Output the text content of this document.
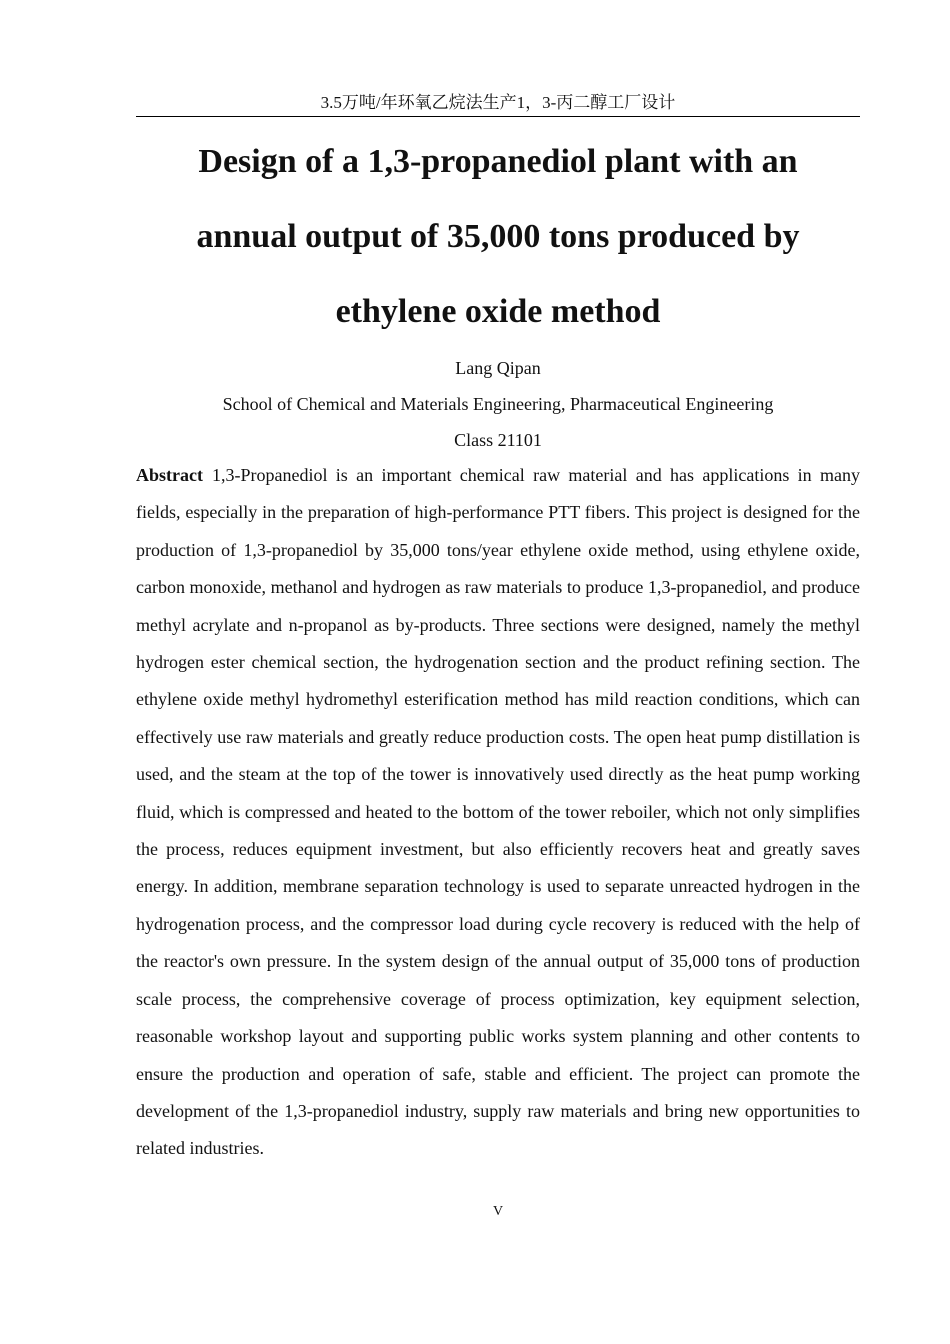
3.5万吨/年环氧乙烷法生产1，3-丙二醇工厂设计
Design of a 1,3-propanediol plant with an
annual output of 35,000 tons produced by
ethylene oxide method
Lang Qipan
School of Chemical and Materials Engineering, Pharmaceutical Engineering
Class 21101

Abstract 1,3-Propanediol is an important chemical raw material and has applications in many fields, especially in the preparation of high-performance PTT fibers. This project is designed for the production of 1,3-propanediol by 35,000 tons/year ethylene oxide method, using ethylene oxide, carbon monoxide, methanol and hydrogen as raw materials to produce 1,3-propanediol, and produce methyl acrylate and n-propanol as by-products. Three sections were designed, namely the methyl hydrogen ester chemical section, the hydrogenation section and the product refining section. The ethylene oxide methyl hydromethyl esterification method has mild reaction conditions, which can effectively use raw materials and greatly reduce production costs. The open heat pump distillation is used, and the steam at the top of the tower is innovatively used directly as the heat pump working fluid, which is compressed and heated to the bottom of the tower reboiler, which not only simplifies the process, reduces equipment investment, but also efficiently recovers heat and greatly saves energy. In addition, membrane separation technology is used to separate unreacted hydrogen in the hydrogenation process, and the compressor load during cycle recovery is reduced with the help of the reactor's own pressure. In the system design of the annual output of 35,000 tons of production scale process, the comprehensive coverage of process optimization, key equipment selection, reasonable workshop layout and supporting public works system planning and other contents to ensure the production and operation of safe, stable and efficient. The project can promote the development of the 1,3-propanediol industry, supply raw materials and bring new opportunities to related industries.

V
